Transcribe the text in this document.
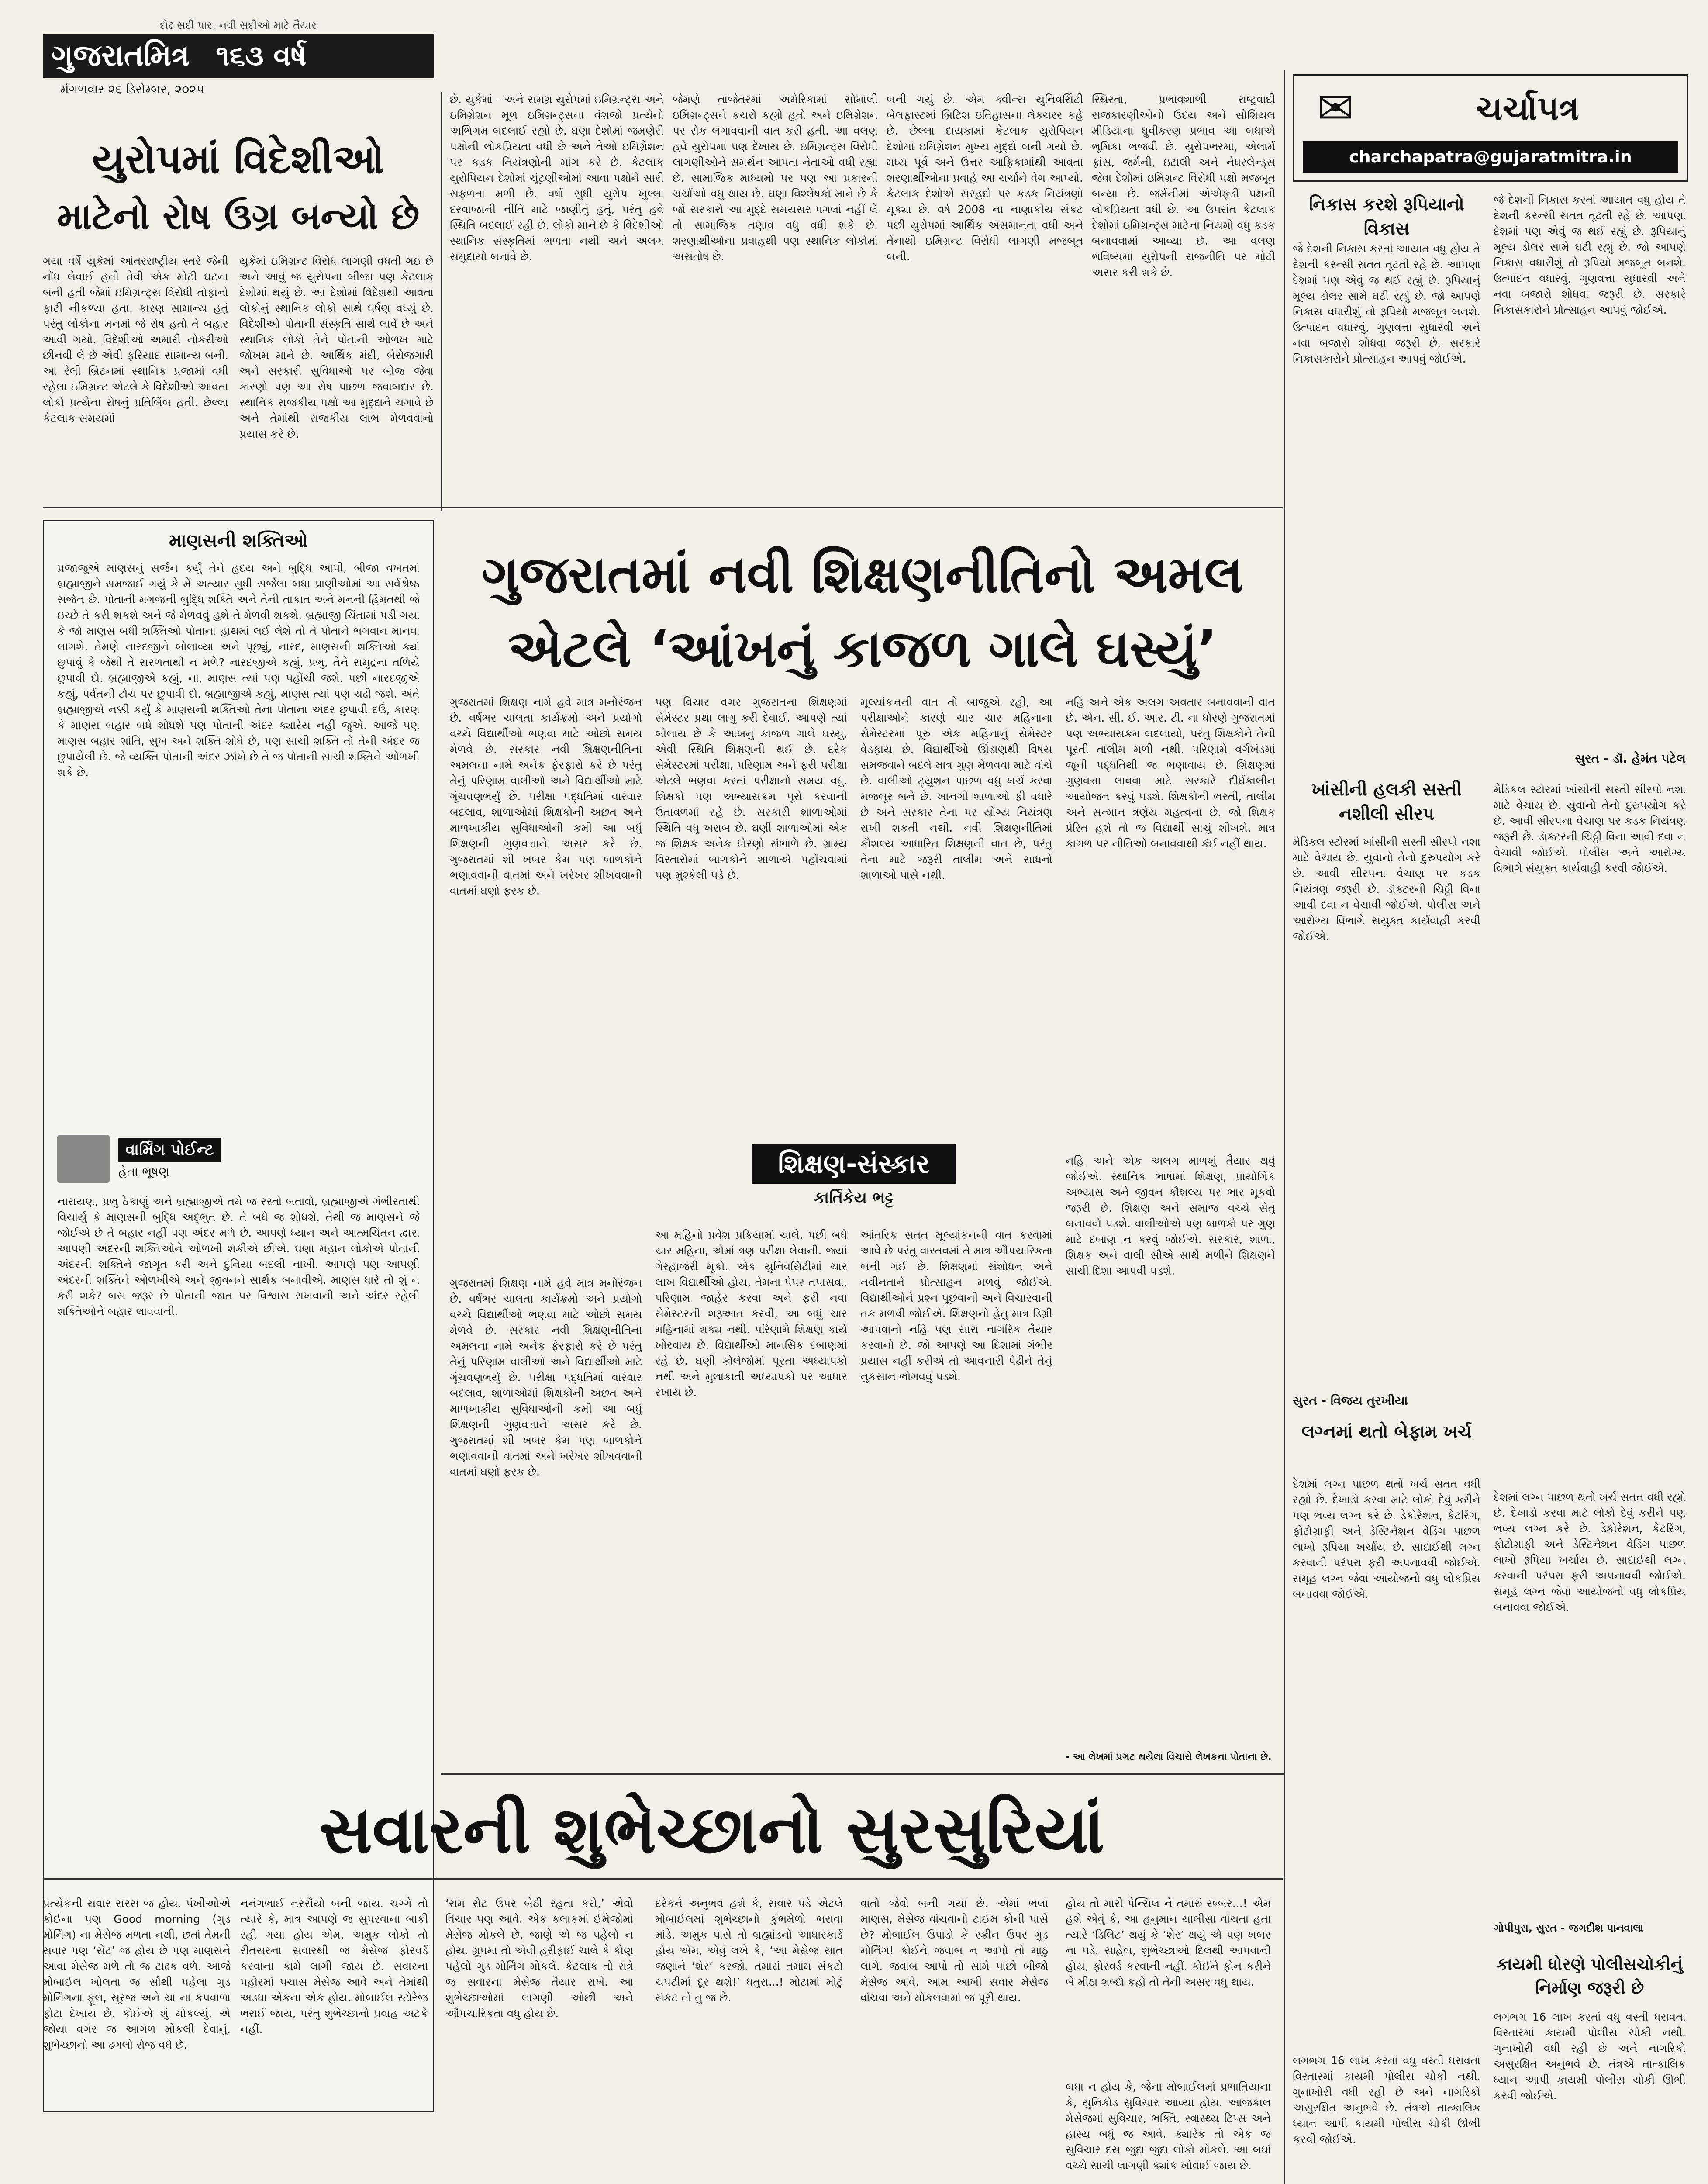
દોઢ સદી પાર, નવી સદીઓ માટે તૈયાર
ગુજરાતમિત્ર ૧૬૩ વર્ષ
મંગળવાર ૨૬ ડિસેમ્બર, ૨૦૨૫
યુરોપમાં વિદેશીઓ
માટેનો રોષ ઉગ્ર બન્યો છે
ગયા વર્ષે યુકેમાં આંતરરાષ્ટ્રીય સ્તરે જેની નોંધ લેવાઈ હતી તેવી એક મોટી ઘટના બની હતી જેમાં ઇમિગ્રન્ટ્સ વિરોધી તોફાનો ફાટી નીકળ્યા હતા. કારણ સામાન્ય હતું પરંતુ લોકોના મનમાં જે રોષ હતો તે બહાર આવી ગયો. વિદેશીઓ અમારી નોકરીઓ છીનવી લે છે એવી ફરિયાદ સામાન્ય બની. આ રેલી બ્રિટનમાં સ્થાનિક પ્રજામાં વધી રહેલા ઇમિગ્રન્ટ એટલે કે વિદેશીઓ આવતા લોકો પ્રત્યેના રોષનું પ્રતિબિંબ હતી. છેલ્લા કેટલાક સમયમાં
યુકેમાં ઇમિગ્રન્ટ વિરોધ લાગણી વધતી ગઇ છે અને આવું જ યુરોપના બીજા પણ કેટલાક દેશોમાં થયું છે. આ દેશોમાં વિદેશથી આવતા લોકોનું સ્થાનિક લોકો સાથે ઘર્ષણ વધ્યું છે. વિદેશીઓ પોતાની સંસ્કૃતિ સાથે લાવે છે અને સ્થાનિક લોકો તેને પોતાની ઓળખ માટે જોખમ માને છે. આર્થિક મંદી, બેરોજગારી અને સરકારી સુવિધાઓ પર બોજ જેવા કારણો પણ આ રોષ પાછળ જવાબદાર છે. સ્થાનિક રાજકીય પક્ષો આ મુદ્દાને ચગાવે છે અને તેમાંથી રાજકીય લાભ મેળવવાનો પ્રયાસ કરે છે.
છે. યુકેમાં - અને સમગ્ર યુરોપમાં ઇમિગ્રન્ટ્સ અને ઇમિગ્રેશન મૂળ ઇમિગ્રન્ટ્સના વંશજો પ્રત્યેનો અભિગમ બદલાઈ રહ્યો છે. ઘણા દેશોમાં જમણેરી પક્ષોની લોકપ્રિયતા વધી છે અને તેઓ ઇમિગ્રેશન પર કડક નિયંત્રણોની માંગ કરે છે. કેટલાક યુરોપિયન દેશોમાં ચૂંટણીઓમાં આવા પક્ષોને સારી સફળતા મળી છે. વર્ષો સુધી યુરોપ ખુલ્લા દરવાજાની નીતિ માટે જાણીતું હતું, પરંતુ હવે સ્થિતિ બદલાઈ રહી છે. લોકો માને છે કે વિદેશીઓ સ્થાનિક સંસ્કૃતિમાં ભળતા નથી અને અલગ સમુદાયો બનાવે છે.
જેમણે તાજેતરમાં અમેરિકામાં સોમાલી ઇમિગ્રન્ટ્સને કચરો કહ્યો હતો અને ઇમિગ્રેશન પર રોક લગાવવાની વાત કરી હતી. આ વલણ હવે યુરોપમાં પણ દેખાય છે. ઇમિગ્રન્ટ્સ વિરોધી લાગણીઓને સમર્થન આપતા નેતાઓ વધી રહ્યા છે. સામાજિક માધ્યમો પર પણ આ પ્રકારની ચર્ચાઓ વધુ થાય છે. ઘણા વિશ્લેષકો માને છે કે જો સરકારો આ મુદ્દે સમયસર પગલાં નહીં લે તો સામાજિક તણાવ વધુ વધી શકે છે. શરણાર્થીઓના પ્રવાહથી પણ સ્થાનિક લોકોમાં અસંતોષ છે.
બની ગયું છે. એમ ક્વીન્સ યુનિવર્સિટી બેલફાસ્ટમાં બ્રિટિશ ઇતિહાસના લેક્ચરર કહે છે. છેલ્લા દાયકામાં કેટલાક યુરોપિયન દેશોમાં ઇમિગ્રેશન મુખ્ય મુદ્દો બની ગયો છે. મધ્ય પૂર્વ અને ઉત્તર આફ્રિકામાંથી આવતા શરણાર્થીઓના પ્રવાહે આ ચર્ચાને વેગ આપ્યો. કેટલાક દેશોએ સરહદો પર કડક નિયંત્રણો મૂક્યા છે. વર્ષ 2008 ના નાણાકીય સંકટ પછી યુરોપમાં આર્થિક અસમાનતા વધી અને તેનાથી ઇમિગ્રન્ટ વિરોધી લાગણી મજબૂત બની.
સ્થિરતા, પ્રભાવશાળી રાષ્ટ્રવાદી રાજકારણીઓનો ઉદય અને સોશિયલ મીડિયાના ધ્રુવીકરણ પ્રભાવ આ બધાએ ભૂમિકા ભજવી છે. યુરોપભરમાં, એલાર્મ ફ્રાંસ, જર્મની, ઇટાલી અને નેધરલેન્ડ્સ જેવા દેશોમાં ઇમિગ્રન્ટ વિરોધી પક્ષો મજબૂત બન્યા છે. જર્મનીમાં એએફડી પક્ષની લોકપ્રિયતા વધી છે. આ ઉપરાંત કેટલાક દેશોમાં ઇમિગ્રન્ટ્સ માટેના નિયમો વધુ કડક બનાવવામાં આવ્યા છે. આ વલણ ભવિષ્યમાં યુરોપની રાજનીતિ પર મોટી અસર કરી શકે છે.
માણસની શક્તિઓ
પ્રજાજુએ માણસનું સર્જન કર્યું તેને હૃદય અને બુદ્ધિ આપી, બીજા વખતમાં બ્રહ્માજીને સમજાઈ ગયું કે મેં અત્યાર સુધી સર્જેલા બધા પ્રાણીઓમાં આ સર્વશ્રેષ્ઠ સર્જન છે. પોતાની મગજની બુદ્ધિ શક્તિ અને તેની તાકાત અને મનની હિંમતથી જે ઇચ્છે તે કરી શકશે અને જે મેળવવું હશે તે મેળવી શકશે. બ્રહ્માજી ચિંતામાં પડી ગયા કે જો માણસ બધી શક્તિઓ પોતાના હાથમાં લઈ લેશે તો તે પોતાને ભગવાન માનવા લાગશે. તેમણે નારદજીને બોલાવ્યા અને પૂછ્યું, નારદ, માણસની શક્તિઓ ક્યાં છુપાવું કે જેથી તે સરળતાથી ન મળે? નારદજીએ કહ્યું, પ્રભુ, તેને સમુદ્રના તળિયે છુપાવી દો. બ્રહ્માજીએ કહ્યું, ના, માણસ ત્યાં પણ પહોંચી જશે. પછી નારદજીએ કહ્યું, પર્વતની ટોચ પર છુપાવી દો. બ્રહ્માજીએ કહ્યું, માણસ ત્યાં પણ ચઢી જશે. અંતે બ્રહ્માજીએ નક્કી કર્યું કે માણસની શક્તિઓ તેના પોતાના અંદર છુપાવી દઉં, કારણ કે માણસ બહાર બધે શોધશે પણ પોતાની અંદર ક્યારેય નહીં જુએ. આજે પણ માણસ બહાર શાંતિ, સુખ અને શક્તિ શોધે છે, પણ સાચી શક્તિ તો તેની અંદર જ છુપાયેલી છે. જે વ્યક્તિ પોતાની અંદર ઝાંખે છે તે જ પોતાની સાચી શક્તિને ઓળખી શકે છે.
વાર્મિંગ પોઈન્ટ
હેતા ભૂષણ
નારાયણ, પ્રભુ ઠેકાણું અને બ્રહ્માજીએ તમે જ રસ્તો બતાવો, બ્રહ્માજીએ ગંભીરતાથી વિચાર્યું કે માણસની બુદ્ધિ અદ્ભુત છે. તે બધે જ શોધશે. તેથી જ માણસને જે જોઈએ છે તે બહાર નહીં પણ અંદર મળે છે. આપણે ધ્યાન અને આત્મચિંતન દ્વારા આપણી અંદરની શક્તિઓને ઓળખી શકીએ છીએ. ઘણા મહાન લોકોએ પોતાની અંદરની શક્તિને જાગૃત કરી અને દુનિયા બદલી નાખી. આપણે પણ આપણી અંદરની શક્તિને ઓળખીએ અને જીવનને સાર્થક બનાવીએ. માણસ ધારે તો શું ન કરી શકે? બસ જરૂર છે પોતાની જાત પર વિશ્વાસ રાખવાની અને અંદર રહેલી શક્તિઓને બહાર લાવવાની.
ગુજરાતમાં નવી શિક્ષણનીતિનો અમલ
એટલે ‘આંખનું કાજળ ગાલે ઘસ્યું’
ગુજરાતમાં શિક્ષણ નામે હવે માત્ર મનોરંજન છે. વર્ષભર ચાલતા કાર્યક્રમો અને પ્રયોગો વચ્ચે વિદ્યાર્થીઓ ભણવા માટે ઓછો સમય મેળવે છે. સરકાર નવી શિક્ષણનીતિના અમલના નામે અનેક ફેરફારો કરે છે પરંતુ તેનું પરિણામ વાલીઓ અને વિદ્યાર્થીઓ માટે ગૂંચવણભર્યું છે. પરીક્ષા પદ્ધતિમાં વારંવાર બદલાવ, શાળાઓમાં શિક્ષકોની અછત અને માળખાકીય સુવિધાઓની કમી આ બધું શિક્ષણની ગુણવત્તાને અસર કરે છે. ગુજરાતમાં શી ખબર કેમ પણ બાળકોને ભણાવવાની વાતમાં અને ખરેખર શીખવવાની વાતમાં ઘણો ફરક છે.
પણ વિચાર વગર ગુજરાતના શિક્ષણમાં સેમેસ્ટર પ્રથા લાગુ કરી દેવાઈ. આપણે ત્યાં બોલાય છે કે આંખનું કાજળ ગાલે ઘસ્યું, એવી સ્થિતિ શિક્ષણની થઈ છે. દરેક સેમેસ્ટરમાં પરીક્ષા, પરિણામ અને ફરી પરીક્ષા એટલે ભણવા કરતાં પરીક્ષાનો સમય વધુ. શિક્ષકો પણ અભ્યાસક્રમ પૂરો કરવાની ઉતાવળમાં રહે છે. સરકારી શાળાઓમાં સ્થિતિ વધુ ખરાબ છે. ઘણી શાળાઓમાં એક જ શિક્ષક અનેક ધોરણો સંભાળે છે. ગ્રામ્ય વિસ્તારોમાં બાળકોને શાળાએ પહોંચવામાં પણ મુશ્કેલી પડે છે.
મૂલ્યાંકનની વાત તો બાજુએ રહી, આ પરીક્ષાઓને કારણે ચાર ચાર મહિનાના સેમેસ્ટરમાં પૂરું એક મહિનાનું સેમેસ્ટર વેડફાય છે. વિદ્યાર્થીઓ ઊંડાણથી વિષય સમજવાને બદલે માત્ર ગુણ મેળવવા માટે વાંચે છે. વાલીઓ ટ્યુશન પાછળ વધુ ખર્ચ કરવા મજબૂર બને છે. ખાનગી શાળાઓ ફી વધારે છે અને સરકાર તેના પર યોગ્ય નિયંત્રણ રાખી શકતી નથી. નવી શિક્ષણનીતિમાં કૌશલ્ય આધારિત શિક્ષણની વાત છે, પરંતુ તેના માટે જરૂરી તાલીમ અને સાધનો શાળાઓ પાસે નથી.
નહિ અને એક અલગ અવતાર બનાવવાની વાત છે. એન. સી. ઈ. આર. ટી. ના ધોરણે ગુજરાતમાં પણ અભ્યાસક્રમ બદલાયો, પરંતુ શિક્ષકોને તેની પૂરતી તાલીમ મળી નથી. પરિણામે વર્ગખંડમાં જૂની પદ્ધતિથી જ ભણાવાય છે. શિક્ષણમાં ગુણવત્તા લાવવા માટે સરકારે દીર્ઘકાલીન આયોજન કરવું પડશે. શિક્ષકોની ભરતી, તાલીમ અને સન્માન ત્રણેય મહત્વના છે. જો શિક્ષક પ્રેરિત હશે તો જ વિદ્યાર્થી સાચું શીખશે. માત્ર કાગળ પર નીતિઓ બનાવવાથી કંઈ નહીં થાય.
શિક્ષણ-સંસ્કાર
કાર્તિકેય ભટ્ટ
આ મહિનો પ્રવેશ પ્રક્રિયામાં ચાલે, પછી બધે ચાર મહિના, એમાં ત્રણ પરીક્ષા લેવાની. જ્યાં ગેરહાજરી મૂકો. એક યુનિવર્સિટીમાં ચાર લાખ વિદ્યાર્થીઓ હોય, તેમના પેપર તપાસવા, પરિણામ જાહેર કરવા અને ફરી નવા સેમેસ્ટરની શરૂઆત કરવી, આ બધું ચાર મહિનામાં શક્ય નથી. પરિણામે શિક્ષણ કાર્ય ખોરવાય છે. વિદ્યાર્થીઓ માનસિક દબાણમાં રહે છે. ઘણી કોલેજોમાં પૂરતા અધ્યાપકો નથી અને મુલાકાતી અધ્યાપકો પર આધાર રખાય છે.
આંતરિક સતત મૂલ્યાંકનની વાત કરવામાં આવે છે પરંતુ વાસ્તવમાં તે માત્ર ઔપચારિકતા બની ગઈ છે. શિક્ષણમાં સંશોધન અને નવીનતાને પ્રોત્સાહન મળવું જોઈએ. વિદ્યાર્થીઓને પ્રશ્ન પૂછવાની અને વિચારવાની તક મળવી જોઈએ. શિક્ષણનો હેતુ માત્ર ડિગ્રી આપવાનો નહિ પણ સારા નાગરિક તૈયાર કરવાનો છે. જો આપણે આ દિશામાં ગંભીર પ્રયાસ નહીં કરીએ તો આવનારી પેઢીને તેનું નુકસાન ભોગવવું પડશે.
નહિ અને એક અલગ માળખું તૈયાર થવું જોઈએ. સ્થાનિક ભાષામાં શિક્ષણ, પ્રાયોગિક અભ્યાસ અને જીવન કૌશલ્ય પર ભાર મૂકવો જરૂરી છે. શિક્ષણ અને સમાજ વચ્ચે સેતુ બનાવવો પડશે. વાલીઓએ પણ બાળકો પર ગુણ માટે દબાણ ન કરવું જોઈએ. સરકાર, શાળા, શિક્ષક અને વાલી સૌએ સાથે મળીને શિક્ષણને સાચી દિશા આપવી પડશે.
ગુજરાતમાં શિક્ષણ નામે હવે માત્ર મનોરંજન છે. વર્ષભર ચાલતા કાર્યક્રમો અને પ્રયોગો વચ્ચે વિદ્યાર્થીઓ ભણવા માટે ઓછો સમય મેળવે છે. સરકાર નવી શિક્ષણનીતિના અમલના નામે અનેક ફેરફારો કરે છે પરંતુ તેનું પરિણામ વાલીઓ અને વિદ્યાર્થીઓ માટે ગૂંચવણભર્યું છે. પરીક્ષા પદ્ધતિમાં વારંવાર બદલાવ, શાળાઓમાં શિક્ષકોની અછત અને માળખાકીય સુવિધાઓની કમી આ બધું શિક્ષણની ગુણવત્તાને અસર કરે છે. ગુજરાતમાં શી ખબર કેમ પણ બાળકોને ભણાવવાની વાતમાં અને ખરેખર શીખવવાની વાતમાં ઘણો ફરક છે.
- આ લેખમાં પ્રગટ થયેલા વિચારો લેખકના પોતાના છે.
સવારની શુભેચ્છાનો સુરસુરિયાં
પ્રત્યેકની સવાર સરસ જ હોય. પંખીઓએ કોઈના પણ Good morning (ગુડ મોર્નિંગ) ના મેસેજ મળતા નથી, છતાં તેમની સવાર પણ ‘સેટ’ જ હોય છે પણ માણસને આવા મેસેજ મળે તો જ ટાઢક વળે. આજે મોબાઈલ ખોલતા જ સૌથી પહેલા ગુડ મોર્નિંગના ફૂલ, સૂરજ અને ચા ના કપવાળા ફોટા દેખાય છે. કોઈએ શું મોકલ્યું, એ જોયા વગર જ આગળ મોકલી દેવાનું. શુભેચ્છાનો આ ઢગલો રોજ વધે છે.
નનંગભાઈ નરસૈયો બની જાય. ચગ્ગે તો ત્યારે કે, માત્ર આપણે જ સુપરવાના બાકી રહી ગયા હોય એમ, અમુક લોકો તો રીતસરના સવારથી જ મેસેજ ફોરવર્ડ કરવાના કામે લાગી જાય છે. સવારના પહોરમાં પચાસ મેસેજ આવે અને તેમાંથી અડધા એકના એક હોય. મોબાઈલ સ્ટોરેજ ભરાઈ જાય, પરંતુ શુભેચ્છાનો પ્રવાહ અટકે નહીં.
‘રામ રોટ ઉપર બેઠી રહતા કરો,’ એવો વિચાર પણ આવે. એક કલાકમાં ઈમેજોમાં મેસેજ મોકલે છે, જાણે એ જ પહેલો ન હોય. ગ્રૂપમાં તો એવી હરીફાઈ ચાલે કે કોણ પહેલો ગુડ મોર્નિંગ મોકલે. કેટલાક તો રાત્રે જ સવારના મેસેજ તૈયાર રાખે. આ શુભેચ્છાઓમાં લાગણી ઓછી અને ઔપચારિકતા વધુ હોય છે.
દરેકને અનુભવ હશે કે, સવાર પડે એટલે મોબાઈલમાં શુભેચ્છાનો કુંભમેળો ભરાવા માંડે. અમુક પાસે તો બ્રહ્માંડનો આધારકાર્ડ હોય એમ, એવું લખે કે, ‘આ મેસેજ સાત જણાને ‘શેર’ કરજો. તમારાં તમામ સંકટો ચપટીમાં દૂર થશે!’ ધતુરા...! મોટામાં મોટું સંકટ તો તુ જ છે.
વાતો જેવો બની ગયા છે. એમાં ભલા માણસ, મેસેજ વાંચવાનો ટાઈમ કોની પાસે છે? મોબાઈલ ઉપાડો કે સ્ક્રીન ઉપર ગુડ મોર્નિંગ! કોઈને જવાબ ન આપો તો માઠું લાગે. જવાબ આપો તો સામે પાછો બીજો મેસેજ આવે. આમ આખી સવાર મેસેજ વાંચવા અને મોકલવામાં જ પૂરી થાય.
હોય તો મારી પેન્સિલ ને તમારું રબ્બર...! એમ હશે એવું કે, આ હનુમાન ચાલીસા વાંચતા હતા ત્યારે ‘ડિલિટ’ થયું કે ‘શેર’ થયું એ પણ ખબર ના પડે. સાહેબ, શુભેચ્છાઓ દિલથી આપવાની હોય, ફોરવર્ડ કરવાની નહીં. કોઈને ફોન કરીને બે મીઠા શબ્દો કહો તો તેની અસર વધુ થાય.
બધા ન હોય કે, જેના મોબાઈલમાં પ્રભાતિયાના કે, યુનિકોડ સુવિચાર આવ્યા હોય. આજકાલ મેસેજમાં સુવિચાર, ભક્તિ, સ્વાસ્થ્ય ટિપ્સ અને હાસ્ય બધું જ આવે. ક્યારેક તો એક જ સુવિચાર દસ જુદા જુદા લોકો મોકલે. આ બધાં વચ્ચે સાચી લાગણી ક્યાંક ખોવાઈ જાય છે.
✉	ચર્ચાપત્ર
charchapatra@gujaratmitra.in
નિકાસ કરશે રૂપિયાનો વિકાસ
જે દેશની નિકાસ કરતાં આયાત વધુ હોય તે દેશની કરન્સી સતત તૂટતી રહે છે. આપણા દેશમાં પણ એવું જ થઈ રહ્યું છે. રૂપિયાનું મૂલ્ય ડોલર સામે ઘટી રહ્યું છે. જો આપણે નિકાસ વધારીશું તો રૂપિયો મજબૂત બનશે. ઉત્પાદન વધારવું, ગુણવત્તા સુધારવી અને નવા બજારો શોધવા જરૂરી છે. સરકારે નિકાસકારોને પ્રોત્સાહન આપવું જોઈએ.
જે દેશની નિકાસ કરતાં આયાત વધુ હોય તે દેશની કરન્સી સતત તૂટતી રહે છે. આપણા દેશમાં પણ એવું જ થઈ રહ્યું છે. રૂપિયાનું મૂલ્ય ડોલર સામે ઘટી રહ્યું છે. જો આપણે નિકાસ વધારીશું તો રૂપિયો મજબૂત બનશે. ઉત્પાદન વધારવું, ગુણવત્તા સુધારવી અને નવા બજારો શોધવા જરૂરી છે. સરકારે નિકાસકારોને પ્રોત્સાહન આપવું જોઈએ.
સુરત - ડૉ. હેમંત પટેલ
ખાંસીની હલકી સસ્તી નશીલી સીરપ
મેડિકલ સ્ટોરમાં ખાંસીની સસ્તી સીરપો નશા માટે વેચાય છે. યુવાનો તેનો દુરુપયોગ કરે છે. આવી સીરપના વેચાણ પર કડક નિયંત્રણ જરૂરી છે. ડૉક્ટરની ચિઠ્ઠી વિના આવી દવા ન વેચાવી જોઈએ. પોલીસ અને આરોગ્ય વિભાગે સંયુક્ત કાર્યવાહી કરવી જોઈએ.
મેડિકલ સ્ટોરમાં ખાંસીની સસ્તી સીરપો નશા માટે વેચાય છે. યુવાનો તેનો દુરુપયોગ કરે છે. આવી સીરપના વેચાણ પર કડક નિયંત્રણ જરૂરી છે. ડૉક્ટરની ચિઠ્ઠી વિના આવી દવા ન વેચાવી જોઈએ. પોલીસ અને આરોગ્ય વિભાગે સંયુક્ત કાર્યવાહી કરવી જોઈએ.
સુરત - વિજય તુરખીયા
લગ્નમાં થતો બેફામ ખર્ચ
દેશમાં લગ્ન પાછળ થતો ખર્ચ સતત વધી રહ્યો છે. દેખાડો કરવા માટે લોકો દેવું કરીને પણ ભવ્ય લગ્ન કરે છે. ડેકોરેશન, કેટરિંગ, ફોટોગ્રાફી અને ડેસ્ટિનેશન વેડિંગ પાછળ લાખો રૂપિયા ખર્ચાય છે. સાદાઈથી લગ્ન કરવાની પરંપરા ફરી અપનાવવી જોઈએ. સમૂહ લગ્ન જેવા આયોજનો વધુ લોકપ્રિય બનાવવા જોઈએ.
દેશમાં લગ્ન પાછળ થતો ખર્ચ સતત વધી રહ્યો છે. દેખાડો કરવા માટે લોકો દેવું કરીને પણ ભવ્ય લગ્ન કરે છે. ડેકોરેશન, કેટરિંગ, ફોટોગ્રાફી અને ડેસ્ટિનેશન વેડિંગ પાછળ લાખો રૂપિયા ખર્ચાય છે. સાદાઈથી લગ્ન કરવાની પરંપરા ફરી અપનાવવી જોઈએ. સમૂહ લગ્ન જેવા આયોજનો વધુ લોકપ્રિય બનાવવા જોઈએ.
ગોપીપુરા, સુરત - જગદીશ પાનવાલા
કાયમી ધોરણે પોલીસચોકીનું નિર્માણ જરૂરી છે
લગભગ 16 લાખ કરતાં વધુ વસ્તી ધરાવતા વિસ્તારમાં કાયમી પોલીસ ચોકી નથી. ગુનાખોરી વધી રહી છે અને નાગરિકો અસુરક્ષિત અનુભવે છે. તંત્રએ તાત્કાલિક ધ્યાન આપી કાયમી પોલીસ ચોકી ઊભી કરવી જોઈએ.
લગભગ 16 લાખ કરતાં વધુ વસ્તી ધરાવતા વિસ્તારમાં કાયમી પોલીસ ચોકી નથી. ગુનાખોરી વધી રહી છે અને નાગરિકો અસુરક્ષિત અનુભવે છે. તંત્રએ તાત્કાલિક ધ્યાન આપી કાયમી પોલીસ ચોકી ઊભી કરવી જોઈએ.
